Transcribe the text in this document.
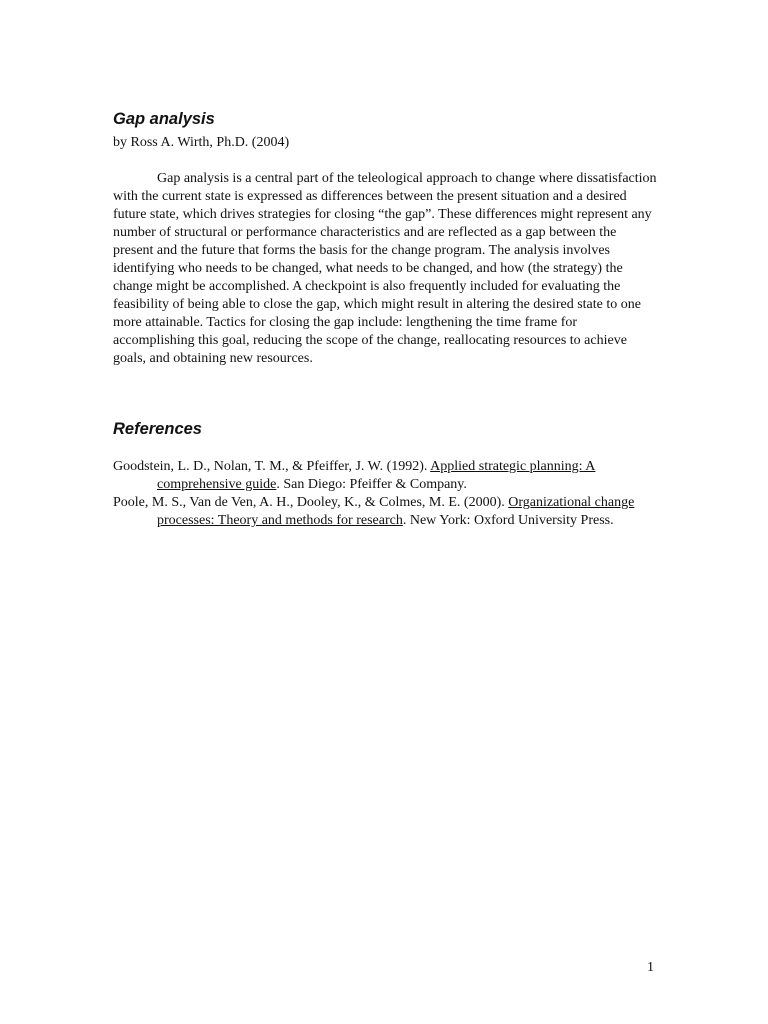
Gap analysis

by Ross A. Wirth, Ph.D. (2004)

Gap analysis is a central part of the teleological approach to change where dissatisfaction with the current state is expressed as differences between the present situation and a desired future state, which drives strategies for closing “the gap”. These differences might represent any number of structural or performance characteristics and are reflected as a gap between the present and the future that forms the basis for the change program. The analysis involves identifying who needs to be changed, what needs to be changed, and how (the strategy) the change might be accomplished. A checkpoint is also frequently included for evaluating the feasibility of being able to close the gap, which might result in altering the desired state to one more attainable. Tactics for closing the gap include: lengthening the time frame for accomplishing this goal, reducing the scope of the change, reallocating resources to achieve goals, and obtaining new resources.

References

Goodstein, L. D., Nolan, T. M., & Pfeiffer, J. W. (1992). Applied strategic planning: A comprehensive guide. San Diego: Pfeiffer & Company.

Poole, M. S., Van de Ven, A. H., Dooley, K., & Colmes, M. E. (2000). Organizational change processes: Theory and methods for research. New York: Oxford University Press.

1
